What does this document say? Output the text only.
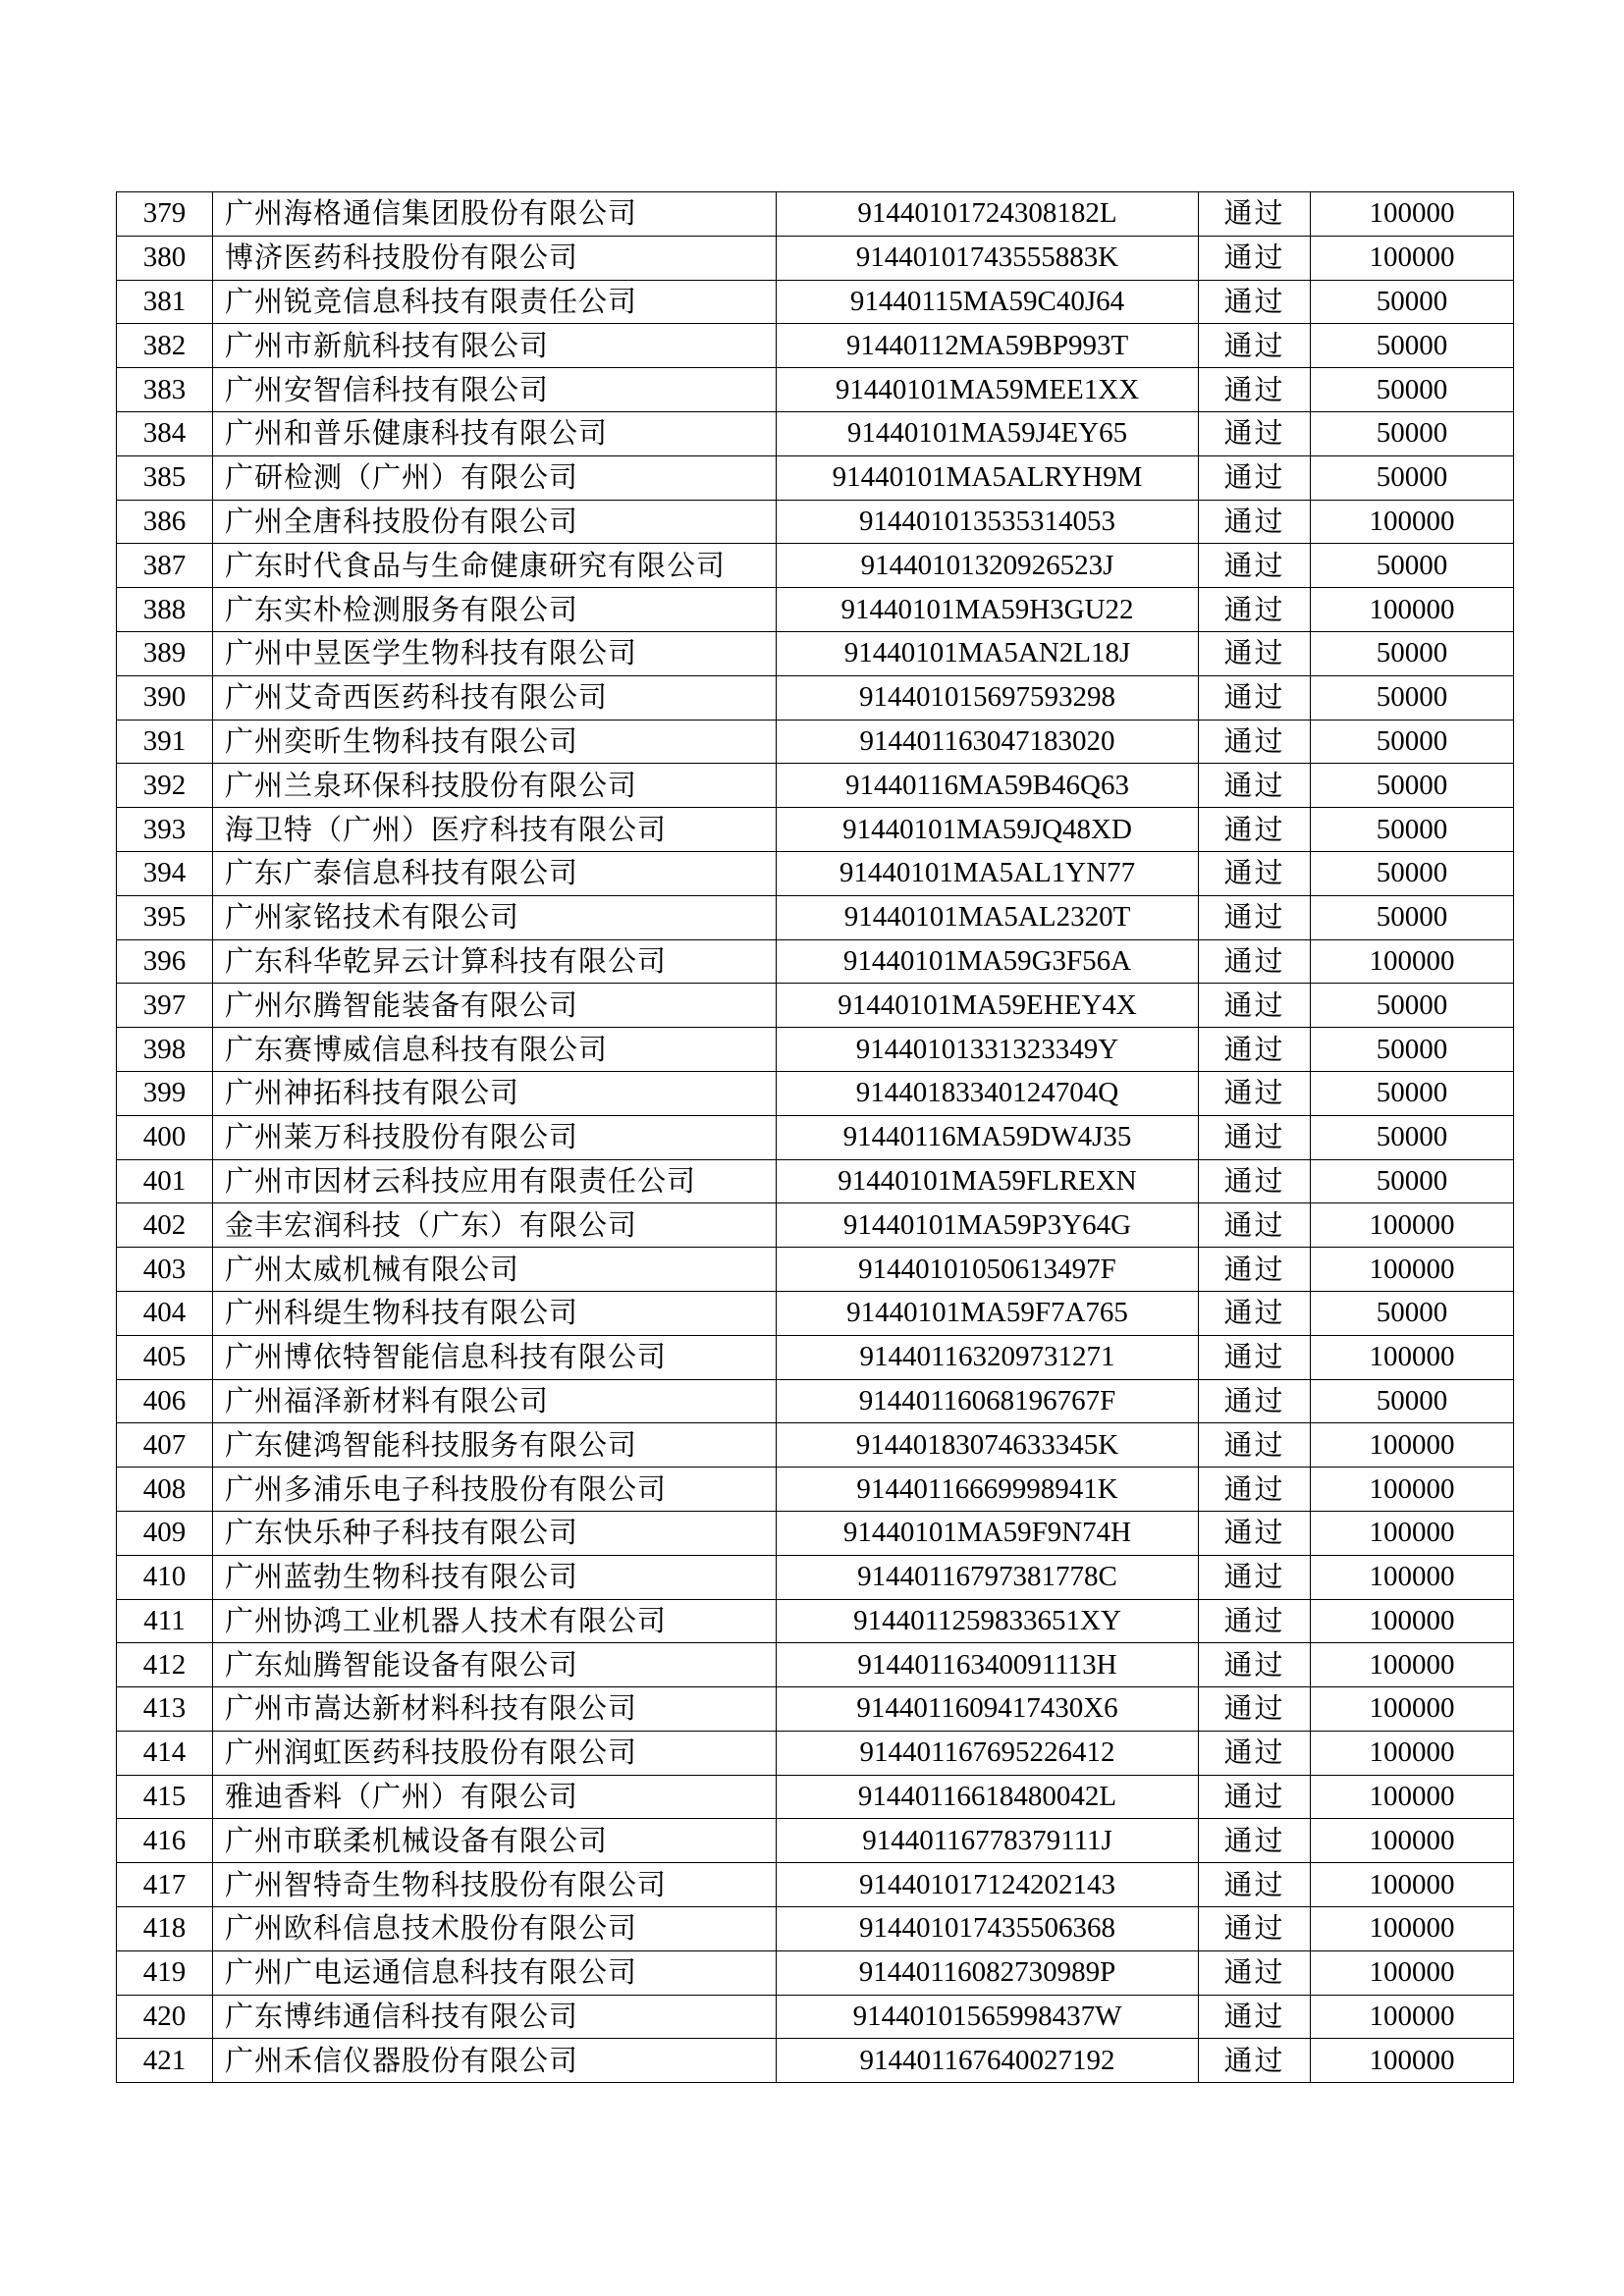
379	广州海格通信集团股份有限公司	91440101724308182L	通过	100000
380	博济医药科技股份有限公司	91440101743555883K	通过	100000
381	广州锐竞信息科技有限责任公司	91440115MA59C40J64	通过	50000
382	广州市新航科技有限公司	91440112MA59BP993T	通过	50000
383	广州安智信科技有限公司	91440101MA59MEE1XX	通过	50000
384	广州和普乐健康科技有限公司	91440101MA59J4EY65	通过	50000
385	广研检测（广州）有限公司	91440101MA5ALRYH9M	通过	50000
386	广州全唐科技股份有限公司	914401013535314053	通过	100000
387	广东时代食品与生命健康研究有限公司	91440101320926523J	通过	50000
388	广东实朴检测服务有限公司	91440101MA59H3GU22	通过	100000
389	广州中昱医学生物科技有限公司	91440101MA5AN2L18J	通过	50000
390	广州艾奇西医药科技有限公司	914401015697593298	通过	50000
391	广州奕昕生物科技有限公司	914401163047183020	通过	50000
392	广州兰泉环保科技股份有限公司	91440116MA59B46Q63	通过	50000
393	海卫特（广州）医疗科技有限公司	91440101MA59JQ48XD	通过	50000
394	广东广泰信息科技有限公司	91440101MA5AL1YN77	通过	50000
395	广州家铭技术有限公司	91440101MA5AL2320T	通过	50000
396	广东科华乾昇云计算科技有限公司	91440101MA59G3F56A	通过	100000
397	广州尔腾智能装备有限公司	91440101MA59EHEY4X	通过	50000
398	广东赛博威信息科技有限公司	91440101331323349Y	通过	50000
399	广州神拓科技有限公司	91440183340124704Q	通过	50000
400	广州莱万科技股份有限公司	91440116MA59DW4J35	通过	50000
401	广州市因材云科技应用有限责任公司	91440101MA59FLREXN	通过	50000
402	金丰宏润科技（广东）有限公司	91440101MA59P3Y64G	通过	100000
403	广州太威机械有限公司	91440101050613497F	通过	100000
404	广州科缇生物科技有限公司	91440101MA59F7A765	通过	50000
405	广州博依特智能信息科技有限公司	914401163209731271	通过	100000
406	广州福泽新材料有限公司	91440116068196767F	通过	50000
407	广东健鸿智能科技服务有限公司	91440183074633345K	通过	100000
408	广州多浦乐电子科技股份有限公司	91440116669998941K	通过	100000
409	广东快乐种子科技有限公司	91440101MA59F9N74H	通过	100000
410	广州蓝勃生物科技有限公司	91440116797381778C	通过	100000
411	广州协鸿工业机器人技术有限公司	9144011259833651XY	通过	100000
412	广东灿腾智能设备有限公司	91440116340091113H	通过	100000
413	广州市嵩达新材料科技有限公司	9144011609417430X6	通过	100000
414	广州润虹医药科技股份有限公司	914401167695226412	通过	100000
415	雅迪香料（广州）有限公司	91440116618480042L	通过	100000
416	广州市联柔机械设备有限公司	91440116778379111J	通过	100000
417	广州智特奇生物科技股份有限公司	914401017124202143	通过	100000
418	广州欧科信息技术股份有限公司	914401017435506368	通过	100000
419	广州广电运通信息科技有限公司	91440116082730989P	通过	100000
420	广东博纬通信科技有限公司	91440101565998437W	通过	100000
421	广州禾信仪器股份有限公司	914401167640027192	通过	100000
